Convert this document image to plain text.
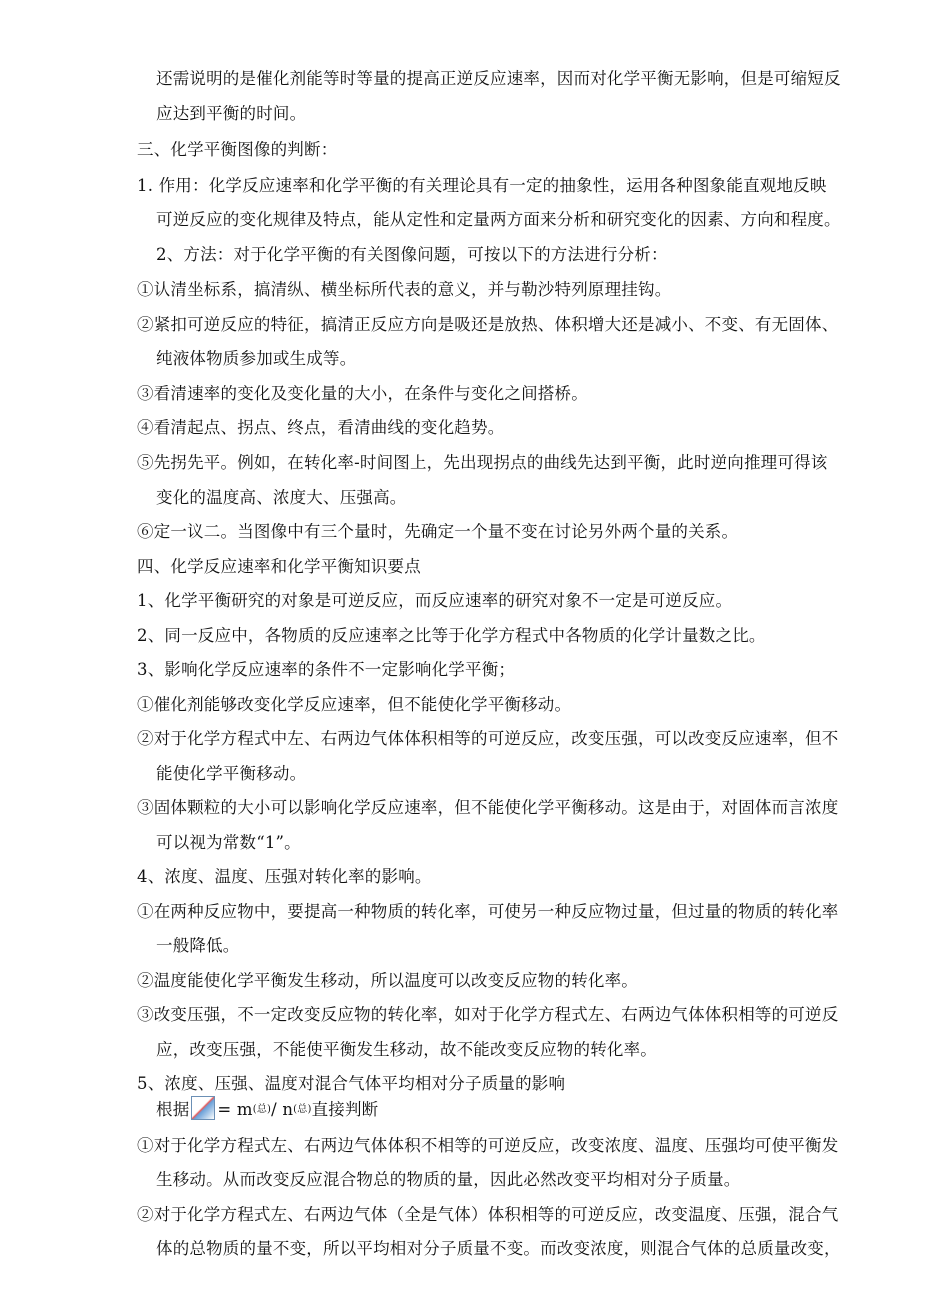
还需说明的是催化剂能等时等量的提高正逆反应速率，因而对化学平衡无影响，但是可缩短反
应达到平衡的时间。
三、化学平衡图像的判断：
1. 作用：化学反应速率和化学平衡的有关理论具有一定的抽象性，运用各种图象能直观地反映
可逆反应的变化规律及特点，能从定性和定量两方面来分析和研究变化的因素、方向和程度。
2、方法：对于化学平衡的有关图像问题，可按以下的方法进行分析：
①认清坐标系，搞清纵、横坐标所代表的意义，并与勒沙特列原理挂钩。
②紧扣可逆反应的特征，搞清正反应方向是吸还是放热、体积增大还是减小、不变、有无固体、
纯液体物质参加或生成等。
③看清速率的变化及变化量的大小，在条件与变化之间搭桥。
④看清起点、拐点、终点，看清曲线的变化趋势。
⑤先拐先平。例如，在转化率-时间图上，先出现拐点的曲线先达到平衡，此时逆向推理可得该
变化的温度高、浓度大、压强高。
⑥定一议二。当图像中有三个量时，先确定一个量不变在讨论另外两个量的关系。
四、化学反应速率和化学平衡知识要点
1、化学平衡研究的对象是可逆反应，而反应速率的研究对象不一定是可逆反应。
2、同一反应中，各物质的反应速率之比等于化学方程式中各物质的化学计量数之比。
3、影响化学反应速率的条件不一定影响化学平衡；
①催化剂能够改变化学反应速率，但不能使化学平衡移动。
②对于化学方程式中左、右两边气体体积相等的可逆反应，改变压强，可以改变反应速率，但不
能使化学平衡移动。
③固体颗粒的大小可以影响化学反应速率，但不能使化学平衡移动。这是由于，对固体而言浓度
可以视为常数“1”。
4、浓度、温度、压强对转化率的影响。
①在两种反应物中，要提高一种物质的转化率，可使另一种反应物过量，但过量的物质的转化率
一般降低。
②温度能使化学平衡发生移动，所以温度可以改变反应物的转化率。
③改变压强，不一定改变反应物的转化率，如对于化学方程式左、右两边气体体积相等的可逆反
应，改变压强，不能使平衡发生移动，故不能改变反应物的转化率。
5、浓度、压强、温度对混合气体平均相对分子质量的影响
根据 = m (总) / n (总) 直接判断
①对于化学方程式左、右两边气体体积不相等的可逆反应，改变浓度、温度、压强均可使平衡发
生移动。从而改变反应混合物总的物质的量，因此必然改变平均相对分子质量。
②对于化学方程式左、右两边气体（全是气体）体积相等的可逆反应，改变温度、压强，混合气
体的总物质的量不变，所以平均相对分子质量不变。而改变浓度，则混合气体的总质量改变，
